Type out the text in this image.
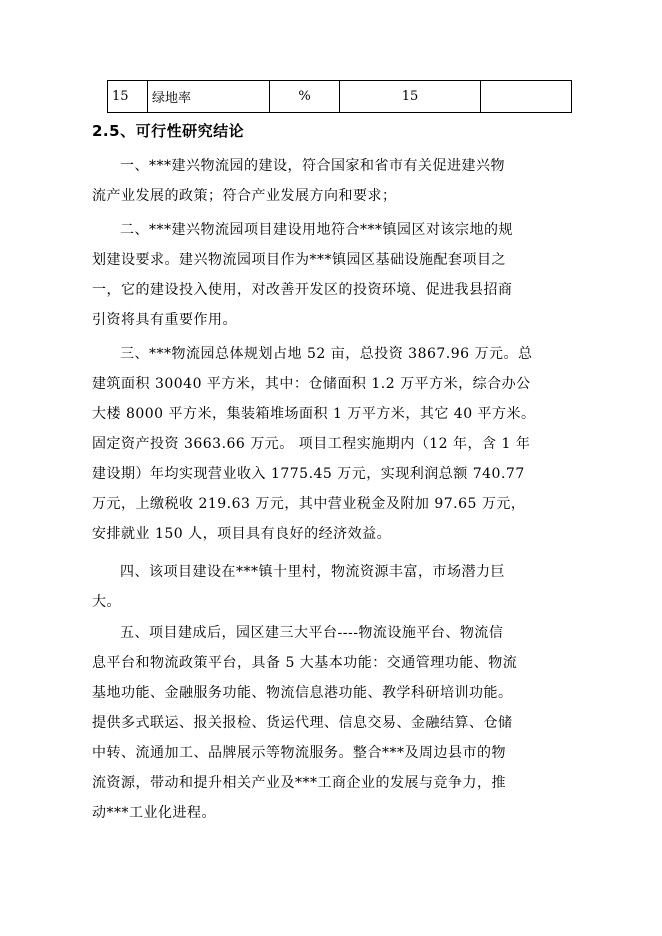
15	绿地率	%	15	
2.5、可行性研究结论
一、***建兴物流园的建设，符合国家和省市有关促进建兴物
流产业发展的政策；符合产业发展方向和要求；
二、***建兴物流园项目建设用地符合***镇园区对该宗地的规
划建设要求。建兴物流园项目作为***镇园区基础设施配套项目之
一，它的建设投入使用，对改善开发区的投资环境、促进我县招商
引资将具有重要作用。
三、***物流园总体规划占地 52 亩，总投资 3867.96 万元。总
建筑面积 30040 平方米，其中：仓储面积 1.2 万平方米，综合办公
大楼 8000 平方米，集装箱堆场面积 1 万平方米，其它 40 平方米。
固定资产投资 3663.66 万元。 项目工程实施期内（12 年，含 1 年
建设期）年均实现营业收入 1775.45 万元，实现利润总额 740.77
万元，上缴税收 219.63 万元，其中营业税金及附加 97.65 万元，
安排就业 150 人，项目具有良好的经济效益。
四、该项目建设在***镇十里村，物流资源丰富，市场潜力巨
大。
五、项目建成后，园区建三大平台----物流设施平台、物流信
息平台和物流政策平台，具备 5 大基本功能：交通管理功能、物流
基地功能、金融服务功能、物流信息港功能、教学科研培训功能。
提供多式联运、报关报检、货运代理、信息交易、金融结算、仓储
中转、流通加工、品牌展示等物流服务。整合***及周边县市的物
流资源，带动和提升相关产业及***工商企业的发展与竞争力，推
动***工业化进程。
